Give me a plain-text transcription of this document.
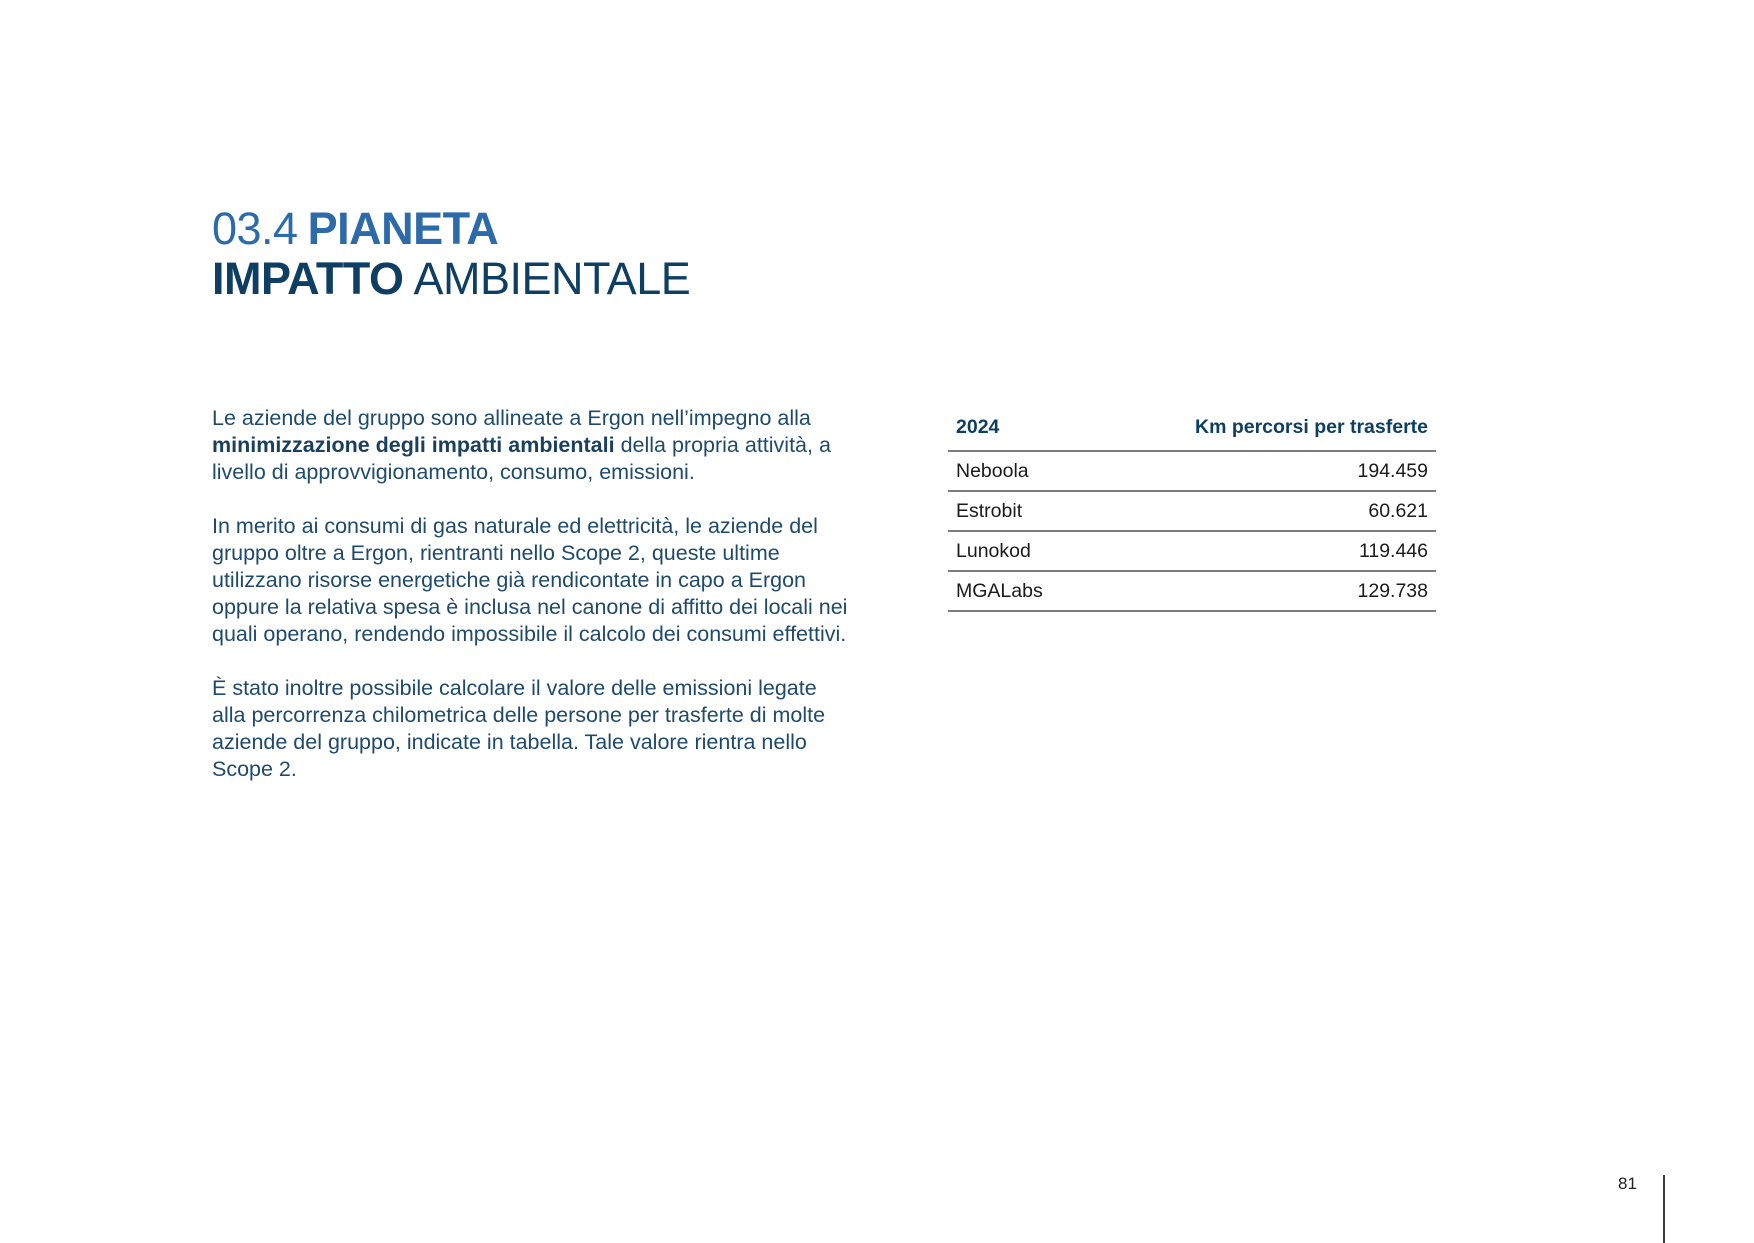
03.4 PIANETA
IMPATTO AMBIENTALE

Le aziende del gruppo sono allineate a Ergon nell’impegno alla minimizzazione degli impatti ambientali della propria attività, a livello di approvvigionamento, consumo, emissioni.

In merito ai consumi di gas naturale ed elettricità, le aziende del gruppo oltre a Ergon, rientranti nello Scope 2, queste ultime utilizzano risorse energetiche già rendicontate in capo a Ergon oppure la relativa spesa è inclusa nel canone di affitto dei locali nei quali operano, rendendo impossibile il calcolo dei consumi effettivi.

È stato inoltre possibile calcolare il valore delle emissioni legate alla percorrenza chilometrica delle persone per trasferte di molte aziende del gruppo, indicate in tabella. Tale valore rientra nello Scope 2.

2024	Km percorsi per trasferte
Neboola	194.459
Estrobit	60.621
Lunokod	119.446
MGALabs	129.738
81
